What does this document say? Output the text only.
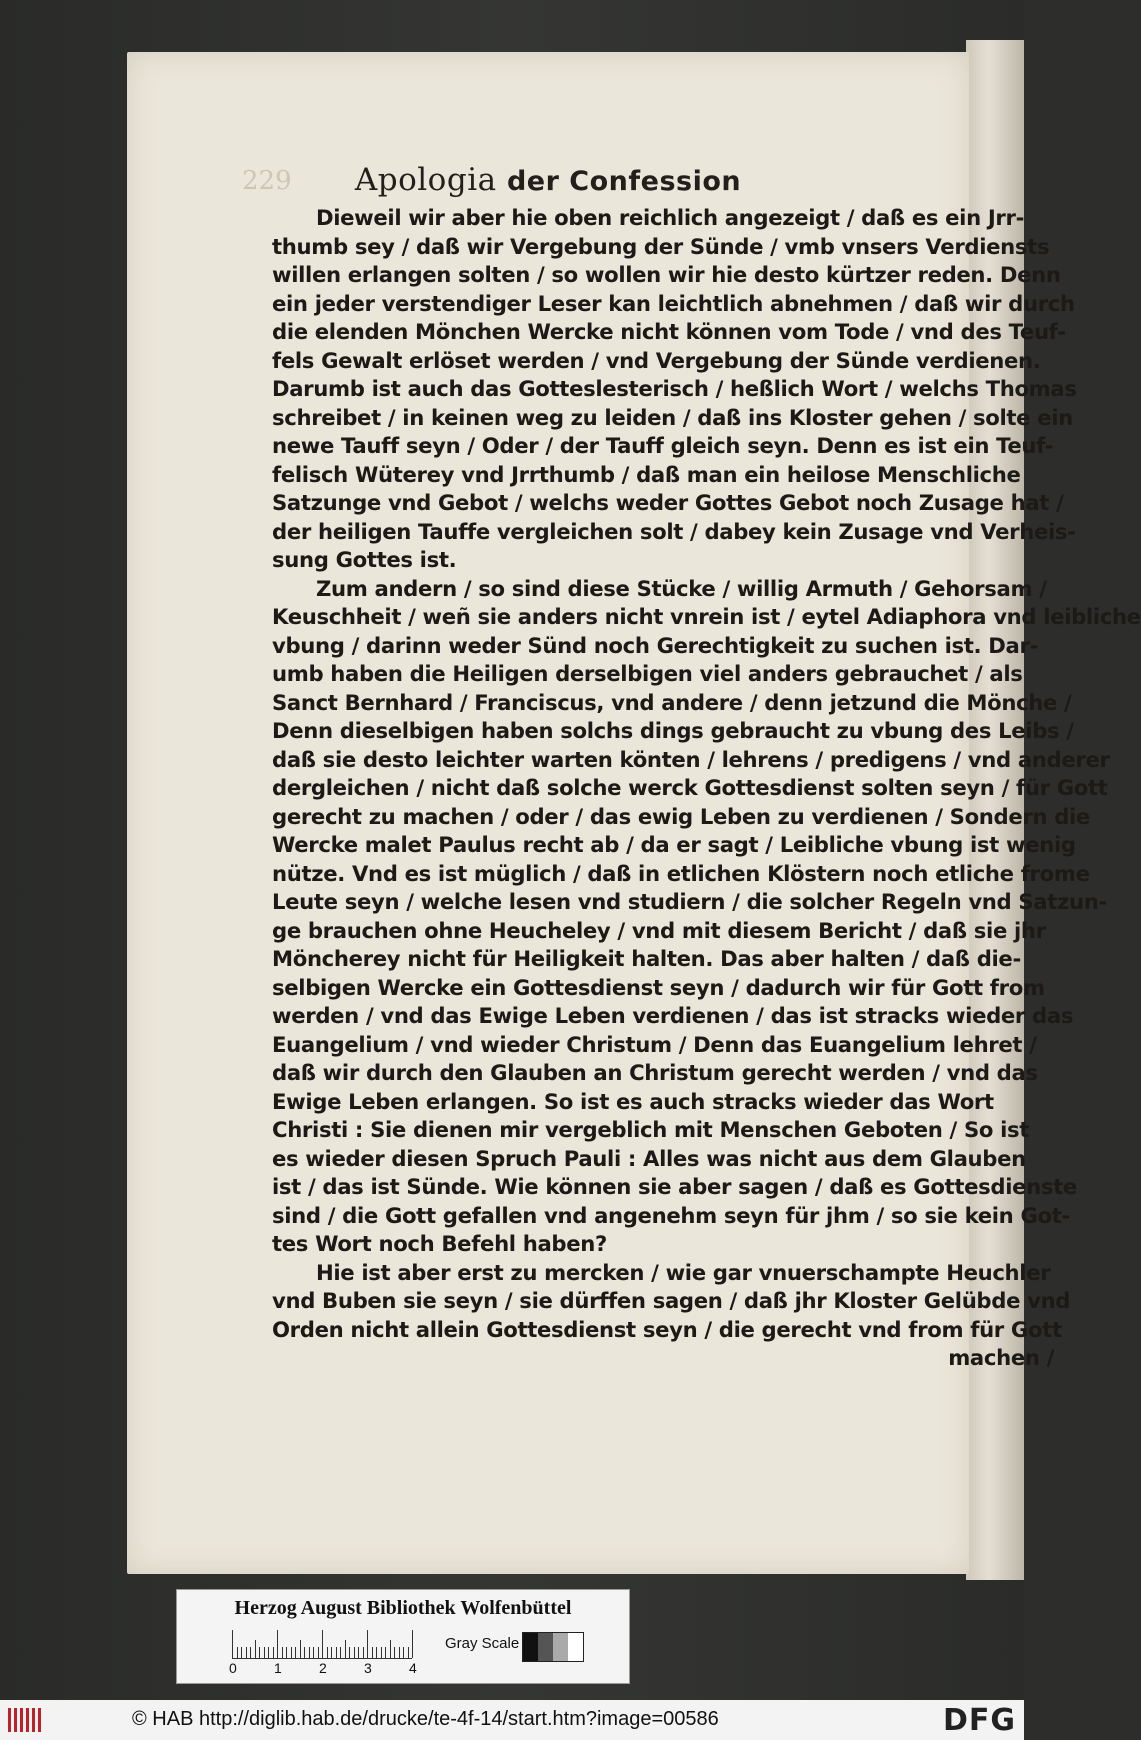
229	Apologia der Confession
Dieweil wir aber hie oben reichlich angezeigt / daß es ein Jrr-
thumb sey / daß wir Vergebung der Sünde / vmb vnsers Verdiensts
willen erlangen solten / so wollen wir hie desto kürtzer reden. Denn
ein jeder verstendiger Leser kan leichtlich abnehmen / daß wir durch
die elenden Mönchen Wercke nicht können vom Tode / vnd des Teuf-
fels Gewalt erlöset werden / vnd Vergebung der Sünde verdienen.
Darumb ist auch das Gotteslesterisch / heßlich Wort / welchs Thomas
schreibet / in keinen weg zu leiden / daß ins Kloster gehen / solte ein
newe Tauff seyn / Oder / der Tauff gleich seyn. Denn es ist ein Teuf-
felisch Wüterey vnd Jrrthumb / daß man ein heilose Menschliche
Satzunge vnd Gebot / welchs weder Gottes Gebot noch Zusage hat /
der heiligen Tauffe vergleichen solt / dabey kein Zusage vnd Verheis-
sung Gottes ist.
Zum andern / so sind diese Stücke / willig Armuth / Gehorsam /
Keuschheit / weñ sie anders nicht vnrein ist / eytel Adiaphora vnd leibliche
vbung / darinn weder Sünd noch Gerechtigkeit zu suchen ist. Dar-
umb haben die Heiligen derselbigen viel anders gebrauchet / als
Sanct Bernhard / Franciscus, vnd andere / denn jetzund die Mönche /
Denn dieselbigen haben solchs dings gebraucht zu vbung des Leibs /
daß sie desto leichter warten könten / lehrens / predigens / vnd anderer
dergleichen / nicht daß solche werck Gottesdienst solten seyn / für Gott
gerecht zu machen / oder / das ewig Leben zu verdienen / Sondern die
Wercke malet Paulus recht ab / da er sagt / Leibliche vbung ist wenig
nütze. Vnd es ist müglich / daß in etlichen Klöstern noch etliche frome
Leute seyn / welche lesen vnd studiern / die solcher Regeln vnd Satzun-
ge brauchen ohne Heucheley / vnd mit diesem Bericht / daß sie jhr
Möncherey nicht für Heiligkeit halten. Das aber halten / daß die-
selbigen Wercke ein Gottesdienst seyn / dadurch wir für Gott from
werden / vnd das Ewige Leben verdienen / das ist stracks wieder das
Euangelium / vnd wieder Christum / Denn das Euangelium lehret /
daß wir durch den Glauben an Christum gerecht werden / vnd das
Ewige Leben erlangen. So ist es auch stracks wieder das Wort
Christi : Sie dienen mir vergeblich mit Menschen Geboten / So ist
es wieder diesen Spruch Pauli : Alles was nicht aus dem Glauben
ist / das ist Sünde. Wie können sie aber sagen / daß es Gottesdienste
sind / die Gott gefallen vnd angenehm seyn für jhm / so sie kein Got-
tes Wort noch Befehl haben?
Hie ist aber erst zu mercken / wie gar vnuerschampte Heuchler
vnd Buben sie seyn / sie dürffen sagen / daß jhr Kloster Gelübde vnd
Orden nicht allein Gottesdienst seyn / die gerecht vnd from für Gott
machen /
Herzog August Bibliothek Wolfenbüttel
0	1	2	3	4
Gray Scale
© HAB http://diglib.hab.de/drucke/te-4f-14/start.htm?image=00586	DFG
